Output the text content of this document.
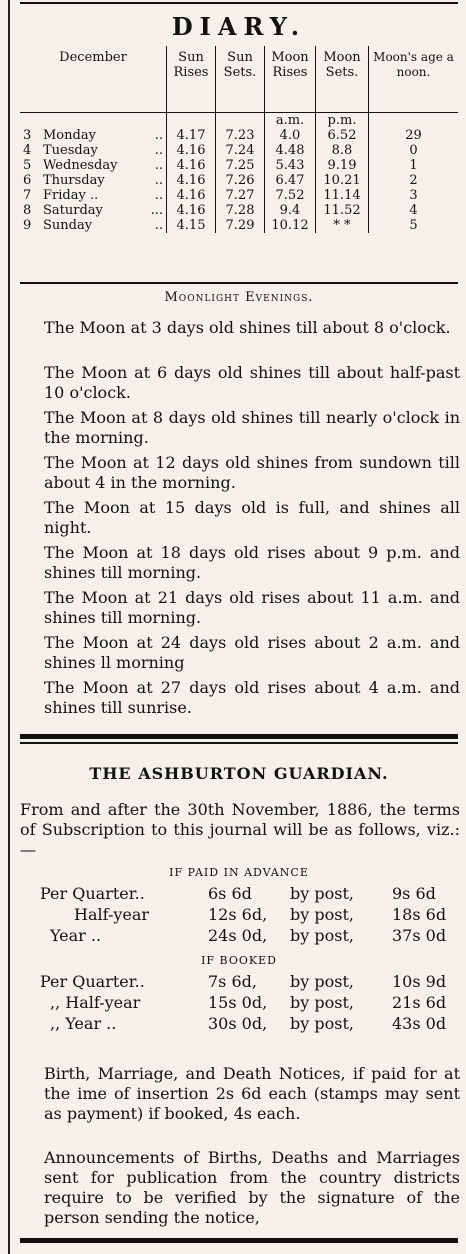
DIARY.
December	Sun Rises	Sun Sets.	Moon Rises	Moon Sets.	Moon's age a noon.
			a.m.	p.m.	
3 Monday ..	4.17	7.23	4.0	6.52	29
4 Tuesday ..	4.16	7.24	4.48	8.8	0
5 Wednesday ..	4.16	7.25	5.43	9.19	1
6 Thursday ..	4.16	7.26	6.47	10.21	2
7 Friday .. ..	4.16	7.27	7.52	11.14	3
8 Saturday ...	4.16	7.28	9.4	11.52	4
9 Sunday ..	4.15	7.29	10.12	* *	5
Moonlight Evenings.
The Moon at 3 days old shines till about 8 o'clock.
The Moon at 6 days old shines till about half-past 10 o'clock.
The Moon at 8 days old shines till nearly o'clock in the morning.
The Moon at 12 days old shines from sundown till about 4 in the morning.
The Moon at 15 days old is full, and shines all night.
The Moon at 18 days old rises about 9 p.m. and shines till morning.
The Moon at 21 days old rises about 11 a.m. and shines till morning.
The Moon at 24 days old rises about 2 a.m. and shines ll morning
The Moon at 27 days old rises about 4 a.m. and shines till sunrise.
THE ASHBURTON GUARDIAN.
From and after the 30th November, 1886, the terms of Subscription to this journal will be as follows, viz.:—
IF PAID IN ADVANCE
Per Quarter..	6s 6d by post, 9s 6d
Half-year	12s 6d, by post, 18s 6d
Year ..	24s 0d, by post, 37s 0d
IF BOOKED
Per Quarter..	7s 6d, by post, 10s 9d
,, Half-year	15s 0d, by post, 21s 6d
,, Year ..	30s 0d, by post, 43s 0d
Birth, Marriage, and Death Notices, if paid for at the ime of insertion 2s 6d each (stamps may sent as payment) if booked, 4s each.
Announcements of Births, Deaths and Marriages sent for publication from the country districts require to be verified by the signature of the person sending the notice,
